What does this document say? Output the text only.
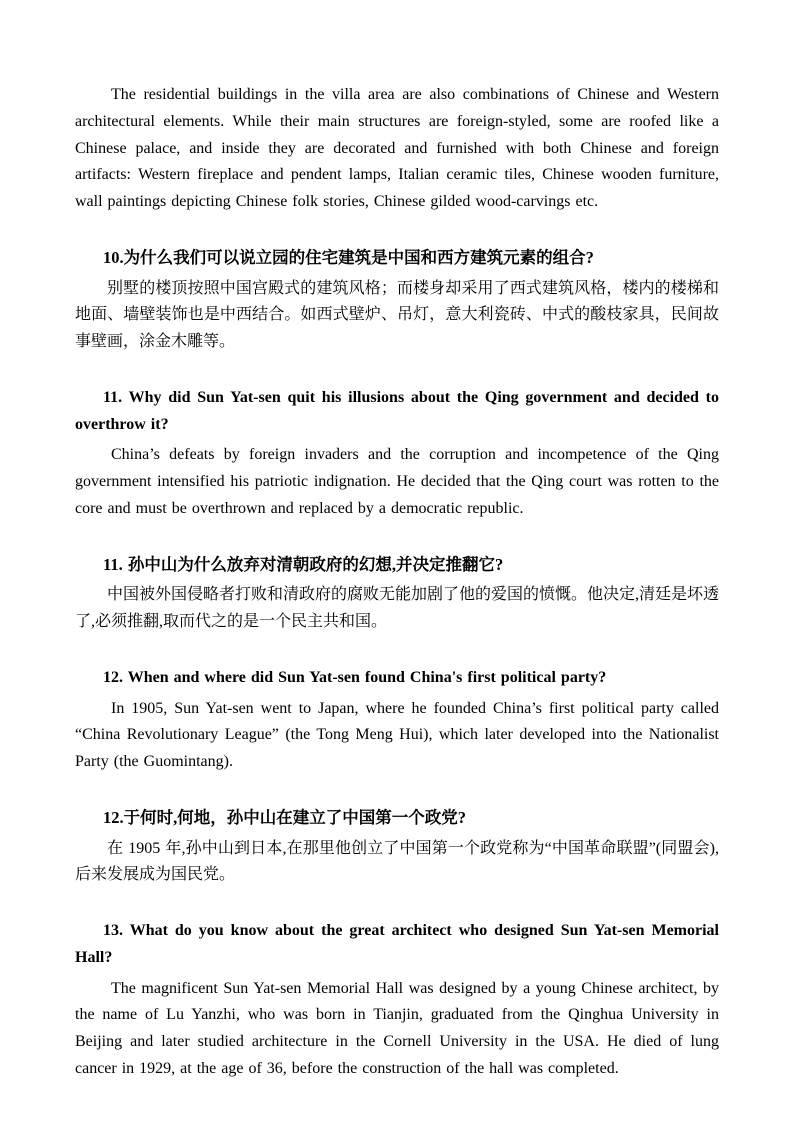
The residential buildings in the villa area are also combinations of Chinese and Western architectural elements. While their main structures are foreign-styled, some are roofed like a Chinese palace, and inside they are decorated and furnished with both Chinese and foreign artifacts: Western fireplace and pendent lamps, Italian ceramic tiles, Chinese wooden furniture, wall paintings depicting Chinese folk stories, Chinese gilded wood-carvings etc.

10.为什么我们可以说立园的住宅建筑是中国和西方建筑元素的组合?

别墅的楼顶按照中国宫殿式的建筑风格；而楼身却采用了西式建筑风格，楼内的楼梯和地面、墙壁装饰也是中西结合。如西式壁炉、吊灯，意大利瓷砖、中式的酸枝家具，民间故事壁画，涂金木雕等。

11. Why did Sun Yat-sen quit his illusions about the Qing government and decided to overthrow it?

China’s defeats by foreign invaders and the corruption and incompetence of the Qing government intensified his patriotic indignation. He decided that the Qing court was rotten to the core and must be overthrown and replaced by a democratic republic.

11. 孙中山为什么放弃对清朝政府的幻想,并决定推翻它?

中国被外国侵略者打败和清政府的腐败无能加剧了他的爱国的愤慨。他决定,清廷是坏透了,必须推翻,取而代之的是一个民主共和国。

12. When and where did Sun Yat-sen found China's first political party?

In 1905, Sun Yat-sen went to Japan, where he founded China’s first political party called “China Revolutionary League” (the Tong Meng Hui), which later developed into the Nationalist Party (the Guomintang).

12.于何时,何地，孙中山在建立了中国第一个政党?

在 1905 年,孙中山到日本,在那里他创立了中国第一个政党称为“中国革命联盟”(同盟会),后来发展成为国民党。

13. What do you know about the great architect who designed Sun Yat-sen Memorial Hall?

The magnificent Sun Yat-sen Memorial Hall was designed by a young Chinese architect, by the name of Lu Yanzhi, who was born in Tianjin, graduated from the Qinghua University in Beijing and later studied architecture in the Cornell University in the USA. He died of lung cancer in 1929, at the age of 36, before the construction of the hall was completed.
